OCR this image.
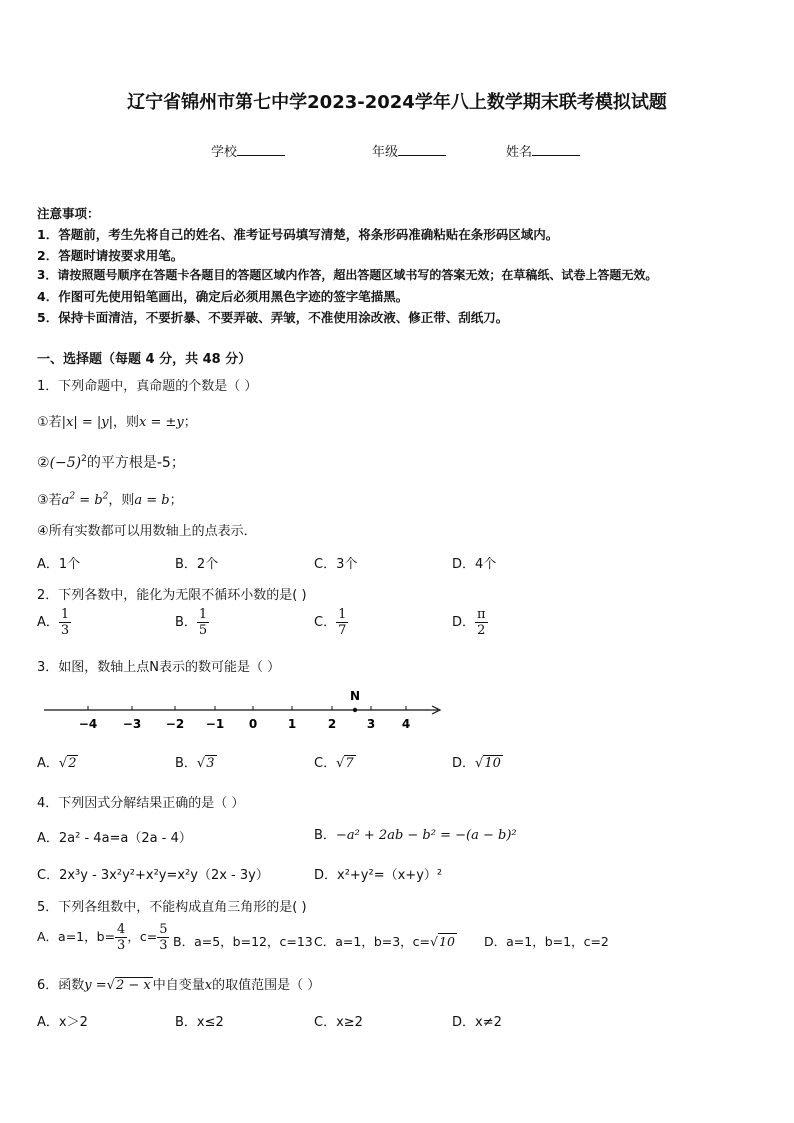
辽宁省锦州市第七中学2023-2024学年八上数学期末联考模拟试题
学校	年级	姓名
注意事项：
1．答题前，考生先将自己的姓名、准考证号码填写清楚，将条形码准确粘贴在条形码区域内。
2．答题时请按要求用笔。
3．请按照题号顺序在答题卡各题目的答题区域内作答，超出答题区域书写的答案无效；在草稿纸、试卷上答题无效。
4．作图可先使用铅笔画出，确定后必须用黑色字迹的签字笔描黑。
5．保持卡面清洁，不要折暴、不要弄破、弄皱，不准使用涂改液、修正带、刮纸刀。
一、选择题（每题 4 分，共 48 分）
1．下列命题中，真命题的个数是（ ）
①若|x| = |y|，则x = ±y；
$②(-5)^2$的平方根是-5；
③若$a^2 = b^2$，则a = b；
④所有实数都可以用数轴上的点表示．
A．1个	B．2个	C．3个	D．4个
2．下列各数中，能化为无限不循环小数的是( )
A． $\frac{1}{3}$	B． $\frac{1}{5}$	C． $\frac{1}{7}$	D． $\frac{\pi}{2}$
3．如图，数轴上点N表示的数可能是（ ）
−4 −3 −2 −1 0	1	2	3 4
N
A．√2	B．√3	C．√7	D．√10
4．下列因式分解结果正确的是（ ）
A．2a² - 4a=a（2a - 4）	B．−a² + 2ab − b² = −(a − b)²
C．2x³y - 3x²y²+x²y=x²y（2x - 3y）	D．x²+y²=（x+y）²
5．下列各组数中，不能构成直角三角形的是( )
A．a=1，$b= \frac{4}{3}$ ，$c= \frac{5}{3}$ B．a=5，b=12，c=13 C．a=1，b=3，c=√10 D．a=1，b=1，c=2
6．函数y =√2 − x 中自变量x的取值范围是（ ）
A．x＞2	B．x≤2	C．x≥2	D．x≠2
